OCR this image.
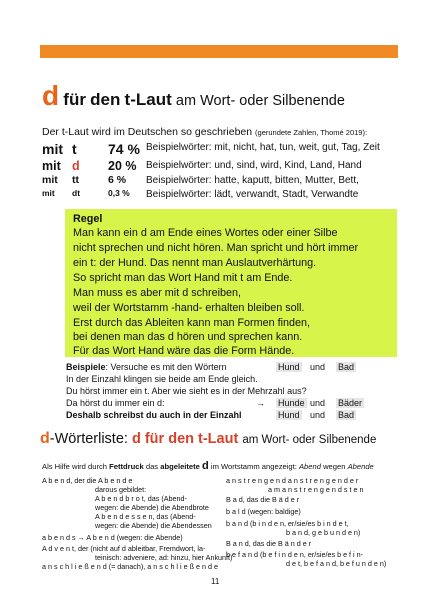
d für den t-Laut am Wort- oder Silbenende
Der t-Laut wird im Deutschen so geschrieben (gerundete Zahlen, Thomé 2019):
mit t 74 % Beispielwörter: mit, nicht, hat, tun, weit, gut, Tag, Zeit
mit d 20 % Beispielwörter: und, sind, wird, Kind, Land, Hand
mit tt	6 % Beispielwörter: hatte, kaputt, bitten, Mutter, Bett,
mit dt	0,3 % Beispielwörter: lädt, verwandt, Stadt, Verwandte
Regel
Man kann ein d am Ende eines Wortes oder einer Silbe
nicht sprechen und nicht hören. Man spricht und hört immer
ein t: der Hund. Das nennt man Auslautverhärtung.
So spricht man das Wort Hand mit t am Ende.
Man muss es aber mit d schreiben,
weil der Wortstamm -hand- erhalten bleiben soll.
Erst durch das Ableiten kann man Formen finden,
bei denen man das d hören und sprechen kann.
Für das Wort Hand wäre das die Form Hände.
Beispiele: Versuche es mit den Wörtern	Hund und Bad
In der Einzahl klingen sie beide am Ende gleich.
Du hörst immer ein t. Aber wie sieht es in der Mehrzahl aus?
Da hörst du immer ein d:	→ Hunde und Bäder
Deshalb schreibst du auch in der Einzahl	Hund und Bad
d-Wörterliste: d für den t-Laut am Wort- oder Silbenende
Als Hilfe wird durch Fettdruck das abgeleitete d im Wortstamm angezeigt: Abend wegen Abende
A b e n d, der die A b e n d e
darous gebildet:
A b e n d b r o t, das (Abend-
wegen: die Abende) die Abendbrote
A b e n d e s s e n, das (Abend-
wegen: die Abende) die Abendessen
a b e n d s → A b e n d (wegen: die Abende)
A d v e n t, der (nicht auf d ableitbar, Fremdwort, la-
teinisch: adveniere, ad: hinzu, hier Ankunft)
a n s c h l i e ß e n d (= danach), a n s c h l i e ß e n d e
a n s t r e n g e n d a n s t r e n g e n d e r
a m a n s t r e n g e n d s t e n
B a d, das die B ä d e r
b a l d (wegen: baldige)
b a n d (b i n d e n, er/sie/es b i n d e t,
b a n d, g e b u n d e n)
B a n d, das die B ä n d e r
b e f a n d (b e f i n d e n, er/sie/es b e f i n-
d e t, b e f a n d, b e f u n d e n)
11
